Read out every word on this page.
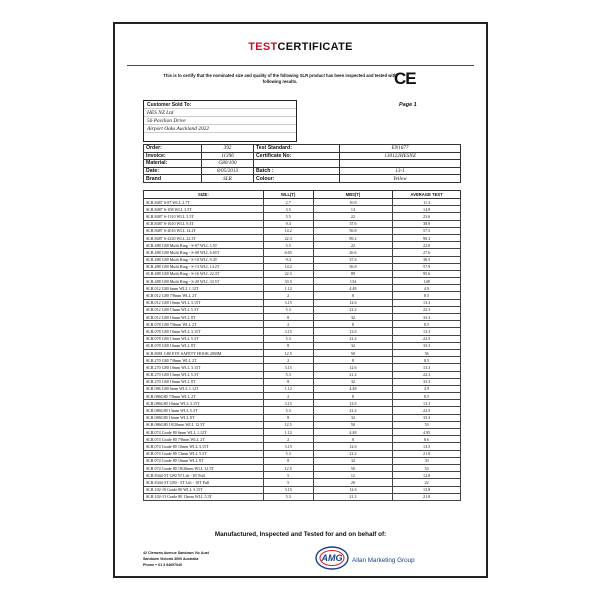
TEST CERTIFICATE
This is to certify that the nominated size and quality of the following SLR product has been inspected and tested with following results.	CE
Page 1
Customer Sold To:
HES NZ Ltd
56 Pavilion Drive
Airport Oaks Auckland 2022
Order:	392	Test Standard:	EN1677
Invoice:	11396	Certificate No:	130122HESNZ
Material:	G80/100		
Date:	8/05/2013	Batch :	13-1
Brand	SLR	Colour:	Yellow
SIZE:	WLL(T)	MBS(T)	AVERAGE TEST
SLR.8487 S-87 WLL 2.7T	2.7	10.8	11.3
SLR.8487 S-108 WLL 3.5T	3.5	14	14.8
SLR.8487 S-1310 WLL 5.5T	5.5	22	23.6
SLR.8487 S-1610 WLL 9.4T	9.4	37.6	38.8
SLR.8487 S-2016 WLL 14.2T	14.2	56.8	57.5
SLR.8487 S-2220 WLL 22.3T	22.3	89.2	90.3
SLR.488 G80 Multi Ring - S-07 WLL 5.5T	5.5	22	22.8
SLR.488 G80 Multi Ring - S-08 WLL 6.65T	6.65	26.6	27.6
SLR.488 G80 Multi Ring - S-10 WLL 9.4T	9.4	37.6	38.5
SLR.488 G80 Multi Ring - S-13 WLL 14.2T	14.2	56.8	57.9
SLR.488 G80 Multi Ring - S-16 WLL 22.3T	22.3	89	95.6
SLR.488 G80 Multi Ring - S-20 WLL 33.5T	33.5	134	148
SLR.012 G80 6mm WLL 1.12T	1.12	4.48	4.9
SLR.012 G80 7/8mm WLL 2T	2	8	8.5
SLR.012 G80 10mm WLL 3.15T	3.15	12.6	13.3
SLR.012 G80 13mm WLL 5.3T	5.3	21.2	22.3
SLR.012 G80 16mm WLL 8T	8	32	33.3
SLR.078 G80 7/8mm WLL 2T	2	8	8.5
SLR.078 G80 10mm WLL 3.15T	3.15	12.6	13.3
SLR.078 G80 13mm WLL 5.3T	5.3	21.2	22.5
SLR.078 G80 16mm WLL 8T	8	32	33.3
SLR.8081 G80 EYE SAFETY HOOK 20MM	12.5	50	56
SLR.270 G80 7/8mm WLL 2T	2	8	8.5
SLR.270 G80 10mm WLL 3.15T	3.15	12.6	13.3
SLR.270 G80 13mm WLL 5.3T	5.3	21.2	22.3
SLR.270 G80 16mm WLL 8T	8	32	33.3
SLR.086 G80 6mm WLL 1.12T	1.12	4.48	4.9
SLR.086G80 7/8mm WLL 2T	2	8	8.5
SLR.086G80 10mm WLL 3.15T	3.15	12.6	13.3
SLR.086G80 13mm WLL 5.3T	5.3	21.2	22.5
SLR.086G80 16mm WLL 8T	8	32	33.3
SLR.086G80 18/20mm WLL 12.5T	12.5	50	53
SLR.074 Grade 80 6mm WLL 1.12T	1.12	4.48	4.95
SLR.074 Grade 80 7/8mm WLL 2T	2	8	8.6
SLR.074 Grade 80 10mm WLL 3.15T	3.15	12.6	13.5
SLR.074 Grade 80 13mm WLL 5.3T	5.3	21.2	21.8
SLR.074 Grade 80 16mm WLL 8T	8	32	33
SLR.074 Grade 80 18/20mm WLL 12.5T	12.5	50	53
SLR.8344-5T G80 5T Lift - 6T Pull	5	12	12.8
SLR.8344-5T G80 - 5T Lift - 10T Pull	5	20	22
SLR.102-10 Grade 80 WLL 3.15T	3.15	12.6	13.8
SLR.102-13 Grade 80 13mm WLL 5.3T	5.3	21.2	21.8
Manufactured, Inspected and Tested for and on behalf of:
42 Clemens Avenue Sandown Vic Aust
Sandown Victoria 3000 Australia
Phone + 61 3 94697640
AMG Allan Marketing Group
